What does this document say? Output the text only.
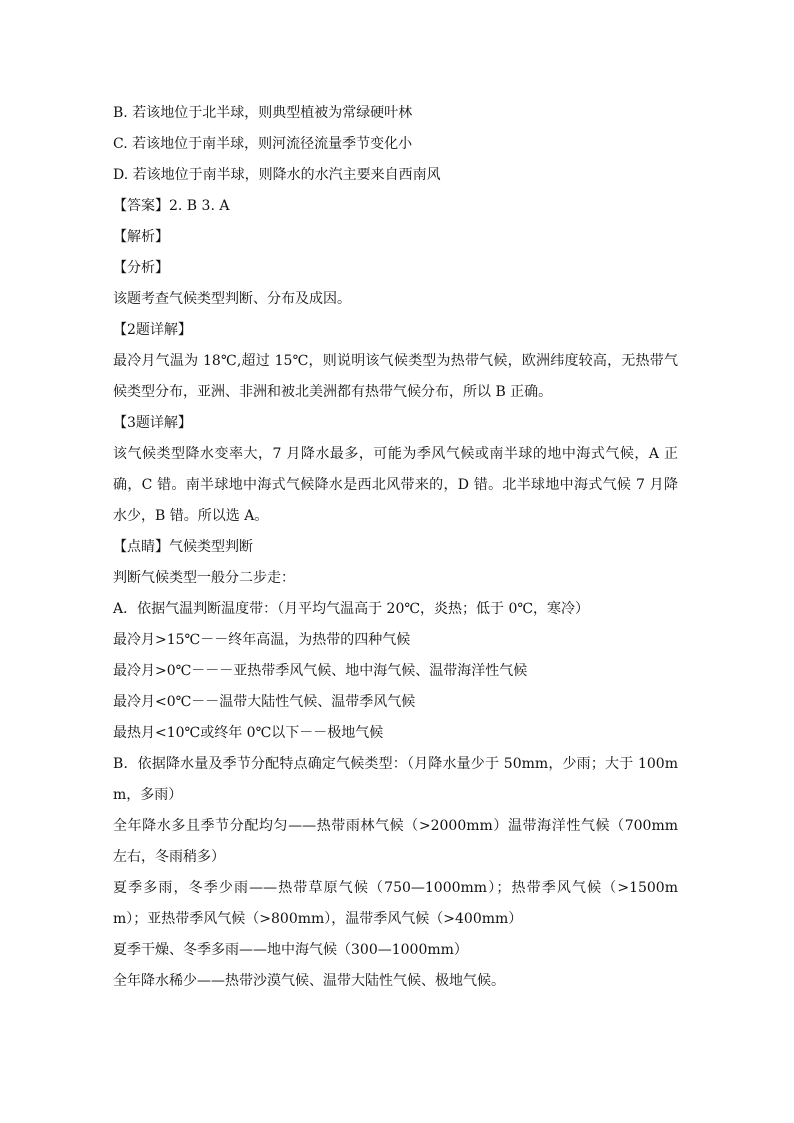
B. 若该地位于北半球，则典型植被为常绿硬叶林
C. 若该地位于南半球，则河流径流量季节变化小
D. 若该地位于南半球，则降水的水汽主要来自西南风
【答案】2. B 3. A
【解析】
【分析】
该题考查气候类型判断、分布及成因。
【2题详解】
最冷月气温为 18℃,超过 15℃，则说明该气候类型为热带气候，欧洲纬度较高，无热带气候类型分布，亚洲、非洲和被北美洲都有热带气候分布，所以 B 正确。
【3题详解】
该气候类型降水变率大，7 月降水最多，可能为季风气候或南半球的地中海式气候，A 正确，C 错。南半球地中海式气候降水是西北风带来的，D 错。北半球地中海式气候 7 月降水少，B 错。所以选 A。
【点睛】气候类型判断
判断气候类型一般分二步走：
A．依据气温判断温度带：（月平均气温高于 20℃，炎热；低于 0℃，寒冷）
最冷月>15℃－－终年高温，为热带的四种气候
最冷月>0℃－－－亚热带季风气候、地中海气候、温带海洋性气候
最冷月<0℃－－温带大陆性气候、温带季风气候
最热月<10℃或终年 0℃以下－－极地气候
B．依据降水量及季节分配特点确定气候类型：（月降水量少于 50mm，少雨；大于 100mm，多雨）
全年降水多且季节分配均匀——热带雨林气候（>2000mm）温带海洋性气候（700mm 左右，冬雨稍多）
夏季多雨，冬季少雨——热带草原气候（750—1000mm）；热带季风气候（>1500mm）；亚热带季风气候（>800mm），温带季风气候（>400mm）
夏季干燥、冬季多雨——地中海气候（300—1000mm）
全年降水稀少——热带沙漠气候、温带大陆性气候、极地气候。
